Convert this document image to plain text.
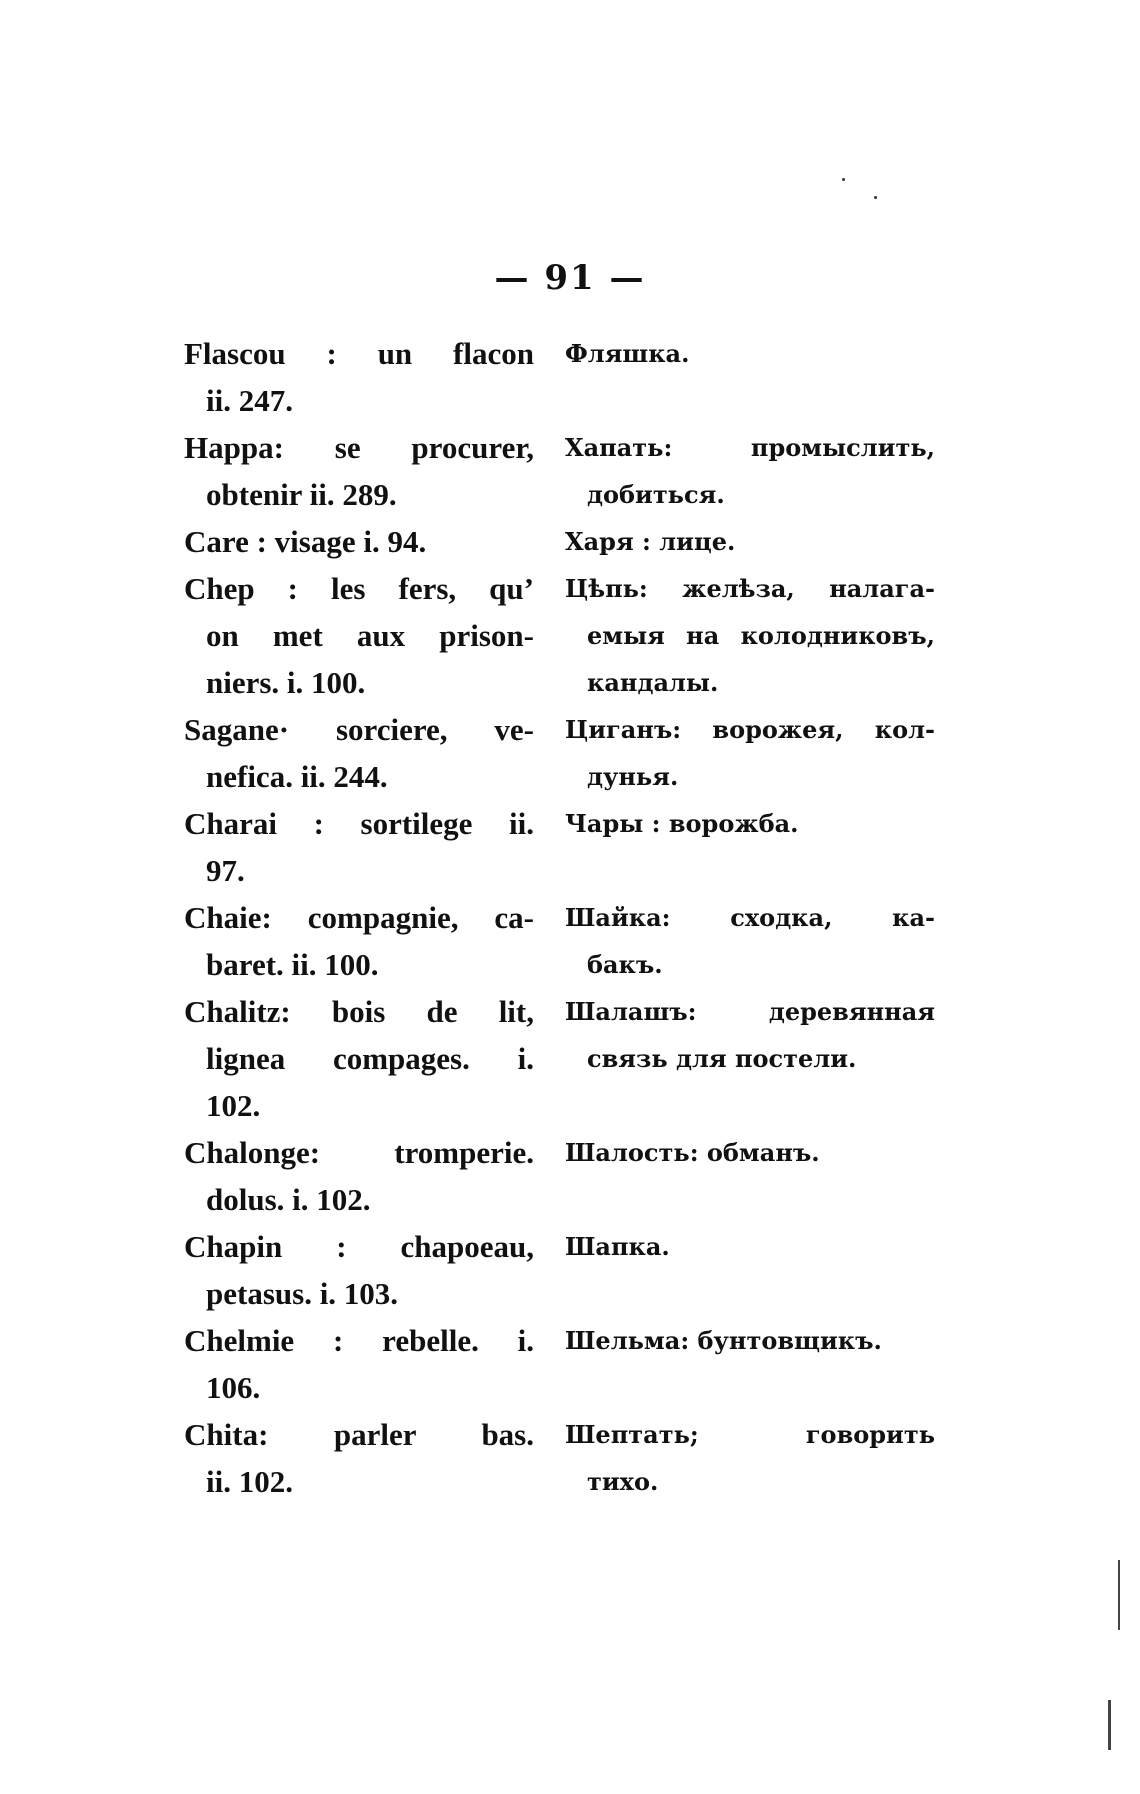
— 91 —
Flascou : un flacon
ii. 247.
Фляшка.
Happa: se procurer,
obtenir ii. 289.
Хапать: промыслить,
добиться.
Care : visage i. 94.	Харя : лице.
Chep : les fers, qu’
on met aux prison-
niers. i. 100.
Цѣпь: желѣза, налага-
емыя на колодниковъ,
кандалы.
Sagane· sorciere, ve-
nefica. ii. 244.
Циганъ: ворожея, кол-
дунья.
Charai : sortilege ii.
97.
Чары : ворожба.
Chaie: compagnie, ca-
baret. ii. 100.
Шайка: сходка, ка-
бакъ.
Chalitz: bois de lit,
lignea compages. i.
102.
Шалашъ: деревянная
связь для постели.
Chalonge: tromperie.
dolus. i. 102.
Шалость: обманъ.
Chapin : chapoeau,
petasus. i. 103.
Шапка.
Chelmie : rebelle. i.
106.
Шельма: бунтовщикъ.
Chita: parler bas.
ii. 102.
Шептать; говорить
тихо.
